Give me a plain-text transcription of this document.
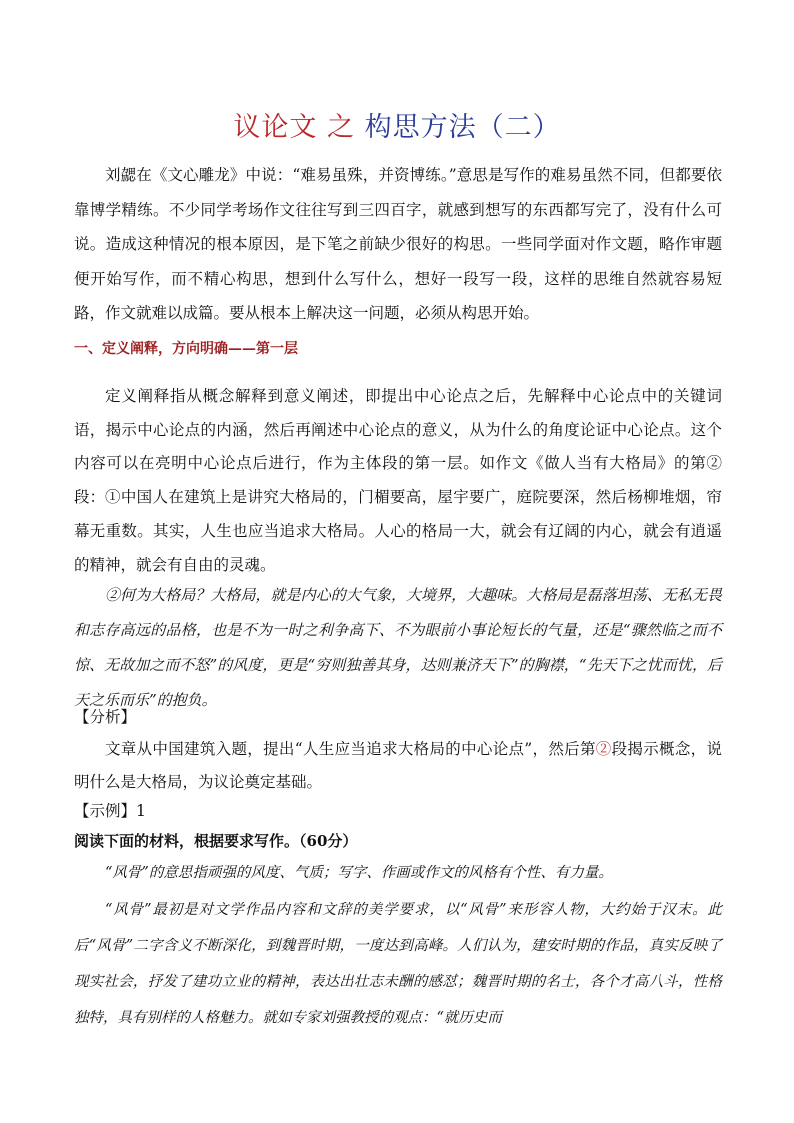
议论文 之 构思方法（二）
刘勰在《文心雕龙》中说：“难易虽殊，并资博练。”意思是写作的难易虽然不同，但都要依靠博学精练。不少同学考场作文往往写到三四百字，就感到想写的东西都写完了，没有什么可说。造成这种情况的根本原因，是下笔之前缺少很好的构思。一些同学面对作文题，略作审题便开始写作，而不精心构思，想到什么写什么，想好一段写一段，这样的思维自然就容易短路，作文就难以成篇。要从根本上解决这一问题，必须从构思开始。
一、定义阐释，方向明确——第一层
定义阐释指从概念解释到意义阐述，即提出中心论点之后，先解释中心论点中的关键词语，揭示中心论点的内涵，然后再阐述中心论点的意义，从为什么的角度论证中心论点。这个内容可以在亮明中心论点后进行，作为主体段的第一层。如作文《做人当有大格局》的第②段： ①中国人在建筑上是讲究大格局的，门楣要高，屋宇要广，庭院要深，然后杨柳堆烟，帘幕无重数。其实，人生也应当追求大格局。人心的格局一大，就会有辽阔的内心，就会有逍遥的精神，就会有自由的灵魂。
②何为大格局？大格局，就是内心的大气象，大境界，大趣味。大格局是磊落坦荡、无私无畏和志存高远的品格，也是不为一时之利争高下、不为眼前小事论短长的气量，还是“骤然临之而不惊、无故加之而不怒”的风度，更是“穷则独善其身，达则兼济天下”的胸襟，“先天下之忧而忧，后天之乐而乐”的抱负。
【分析】
文章从中国建筑入题，提出“人生应当追求大格局的中心论点”，然后第②段揭示概念，说明什么是大格局，为议论奠定基础。
【示例】1
阅读下面的材料，根据要求写作。（60分）
“风骨”的意思指顽强的风度、气质；写字、作画或作文的风格有个性、有力量。
“风骨”最初是对文学作品内容和文辞的美学要求，以“风骨”来形容人物，大约始于汉末。此后“风骨”二字含义不断深化，到魏晋时期，一度达到高峰。人们认为，建安时期的作品，真实反映了现实社会，抒发了建功立业的精神，表达出壮志未酬的感怼；魏晋时期的名士，各个才高八斗，性格独特，具有别样的人格魅力。就如专家刘强教授的观点：“就历史而
